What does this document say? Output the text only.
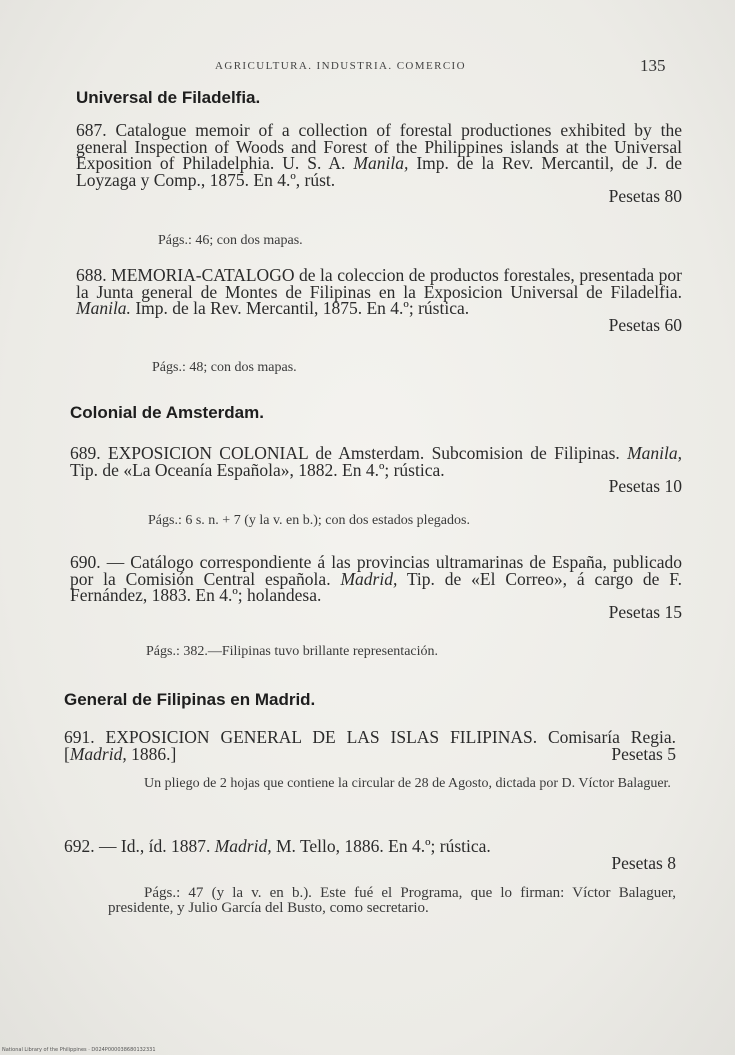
AGRICULTURA. INDUSTRIA. COMERCIO	135
Universal de Filadelfia.
687. Catalogue memoir of a collection of forestal productiones exhibited by the general Inspection of Woods and Forest of the Philippines islands at the Universal Exposition of Philadelphia. U. S. A. Manila, Imp. de la Rev. Mercantil, de J. de Loyzaga y Comp., 1875. En 4.º, rúst.
Pesetas 80
Págs.: 46; con dos mapas.
688. MEMORIA-CATALOGO de la coleccion de productos forestales, presentada por la Junta general de Montes de Filipinas en la Exposicion Universal de Filadelfia. Manila. Imp. de la Rev. Mercantil, 1875. En 4.º; rústica.
Pesetas 60
Págs.: 48; con dos mapas.
Colonial de Amsterdam.
689. EXPOSICION COLONIAL de Amsterdam. Subcomision de Filipinas. Manila, Tip. de «La Oceanía Española», 1882. En 4.º; rústica.
Pesetas 10
Págs.: 6 s. n. + 7 (y la v. en b.); con dos estados plegados.
690. — Catálogo correspondiente á las provincias ultramarinas de España, publicado por la Comisión Central española. Madrid, Tip. de «El Correo», á cargo de F. Fernández, 1883. En 4.º; holandesa.
Pesetas 15
Págs.: 382.—Filipinas tuvo brillante representación.
General de Filipinas en Madrid.
691. EXPOSICION GENERAL DE LAS ISLAS FILIPINAS. Comisaría Regia. [Madrid, 1886.]	Pesetas 5
Un pliego de 2 hojas que contiene la circular de 28 de Agosto, dictada por D. Víctor Balaguer.
692. — Id., íd. 1887. Madrid, M. Tello, 1886. En 4.º; rústica.
Pesetas 8
Págs.: 47 (y la v. en b.). Este fué el Programa, que lo firman: Víctor Balaguer, presidente, y Julio García del Busto, como secretario.
National Library of the Philippines · D024P000038680132331
